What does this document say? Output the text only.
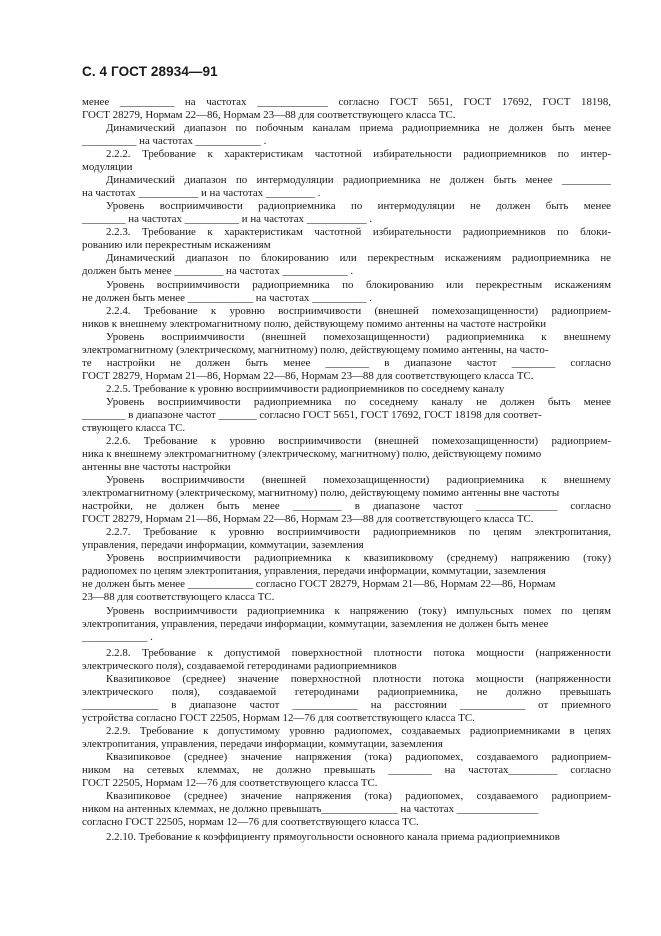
С. 4 ГОСТ 28934—91
менее __________ на частотах _____________ согласно ГОСТ 5651, ГОСТ 17692, ГОСТ 18198,
ГОСТ 28279, Нормам 22—86, Нормам 23—88 для соответствующего класса ТС.
Динамический диапазон по побочным каналам приема радиоприемника не должен быть менее
__________ на частотах ____________ .
2.2.2. Требование к характеристикам частотной избирательности радиоприемников по интер-
модуляции
Динамический диапазон по интермодуляции радиоприемника не должен быть менее _________
на частотах ___________ и на частотах _________ .
Уровень восприимчивости радиоприемника по интермодуляции не должен быть менее
________ на частотах __________ и на частотах ___________ .
2.2.3. Требование к характеристикам частотной избирательности радиоприемников по блоки-
рованию или перекрестным искажениям
Динамический диапазон по блокированию или перекрестным искажениям радиоприемника не
должен быть менее _________ на частотах ____________ .
Уровень восприимчивости радиоприемника по блокированию или перекрестным искажениям
не должен быть менее ____________ на частотах __________ .
2.2.4. Требование к уровню восприимчивости (внешней помехозащищенности) радиоприем-
ников к внешнему электромагнитному полю, действующему помимо антенны на частоте настройки
Уровень восприимчивости (внешней помехозащищенности) радиоприемника к внешнему
электромагнитному (электрическому, магнитному) полю, действующему помимо антенны, на часто-
те настройки не должен быть менее ________ в диапазоне частот ________ согласно
ГОСТ 28279, Нормам 21—86, Нормам 22—86, Нормам 23—88 для соответствующего класса ТС.
2.2.5. Требование к уровню восприимчивости радиоприемников по соседнему каналу
Уровень восприимчивости радиоприемника по соседнему каналу не должен быть менее
________ в диапазоне частот _______ согласно ГОСТ 5651, ГОСТ 17692, ГОСТ 18198 для соответ-
ствующего класса ТС.
2.2.6. Требование к уровню восприимчивости (внешней помехозащищенности) радиоприем-
ника к внешнему электромагнитному (электрическому, магнитному) полю, действующему помимо
антенны вне частоты настройки
Уровень восприимчивости (внешней помехозащищенности) радиоприемника к внешнему
электромагнитному (электрическому, магнитному) полю, действующему помимо антенны вне частоты
настройки, не должен быть менее _________ в диапазоне частот _______________ согласно
ГОСТ 28279, Нормам 21—86, Нормам 22—86, Нормам 23—88 для соответствующего класса ТС.
2.2.7. Требование к уровню восприимчивости радиоприемников по цепям электропитания,
управления, передачи информации, коммутации, заземления
Уровень восприимчивости радиоприемника к квазипиковому (среднему) напряжению (току)
радиопомех по цепям электропитания, управления, передачи информации, коммутации, заземления
не должен быть менее ____________ согласно ГОСТ 28279, Нормам 21—86, Нормам 22—86, Нормам
23—88 для соответствующего класса ТС.
Уровень восприимчивости радиоприемника к напряжению (току) импульсных помех по цепям
электропитания, управления, передачи информации, коммутации, заземления не должен быть менее
____________ .
2.2.8. Требование к допустимой поверхностной плотности потока мощности (напряженности
электрического поля), создаваемой гетеродинами радиоприемников
Квазипиковое (среднее) значение поверхностной плотности потока мощности (напряженности
электрического поля), создаваемой гетеродинами радиоприемника, не должно превышать
______________ в диапазоне частот ____________ на расстоянии ____________ от приемного
устройства согласно ГОСТ 22505, Нормам 12—76 для соответствующего класса ТС.
2.2.9. Требование к допустимому уровню радиопомех, создаваемых радиоприемниками в цепях
электропитания, управления, передачи информации, коммутации, заземления
Квазипиковое (среднее) значение напряжения (тока) радиопомех, создаваемого радиоприем-
ником на сетевых клеммах, не должно превышать ________ на частотах_________ согласно
ГОСТ 22505, Нормам 12—76 для соответствующего класса ТС.
Квазипиковое (среднее) значение напряжения (тока) радиопомех, создаваемого радиоприем-
ником на антенных клеммах, не должно превышать______________ на частотах _______________
согласно ГОСТ 22505, нормам 12—76 для соответствующего класса ТС.
2.2.10. Требование к коэффициенту прямоугольности основного канала приема радиоприемников
